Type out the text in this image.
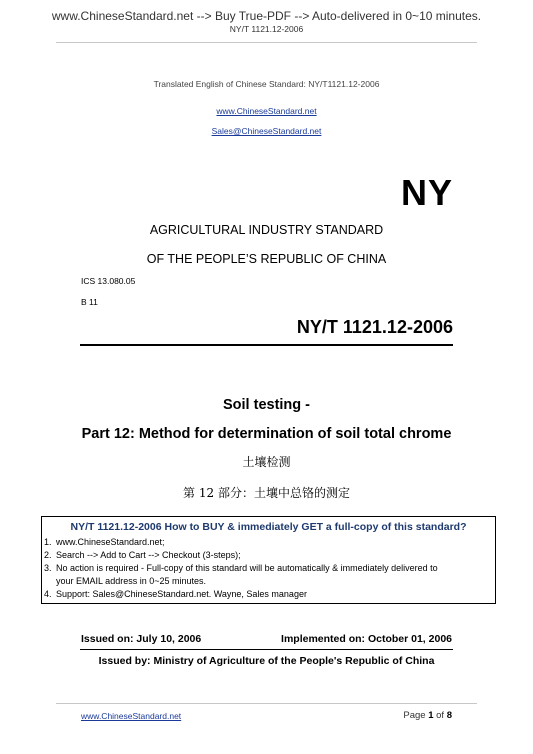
www.ChineseStandard.net --> Buy True-PDF --> Auto-delivered in 0~10 minutes.
NY/T 1121.12-2006
Translated English of Chinese Standard: NY/T1121.12-2006
www.ChineseStandard.net
Sales@ChineseStandard.net
NY
AGRICULTURAL INDUSTRY STANDARD
OF THE PEOPLE’S REPUBLIC OF CHINA
ICS 13.080.05
B 11
NY/T 1121.12-2006
Soil testing -
Part 12: Method for determination of soil total chrome
土壤检测
第 12 部分：土壤中总铬的测定
NY/T 1121.12-2006 How to BUY & immediately GET a full-copy of this standard?
1. www.ChineseStandard.net;
2. Search --> Add to Cart --> Checkout (3-steps);
3. No action is required - Full-copy of this standard will be automatically & immediately delivered to
your EMAIL address in 0~25 minutes.
4. Support: Sales@ChineseStandard.net. Wayne, Sales manager
Issued on: July 10, 2006	Implemented on: October 01, 2006
Issued by: Ministry of Agriculture of the People's Republic of China
www.ChineseStandard.net	Page 1 of 8
